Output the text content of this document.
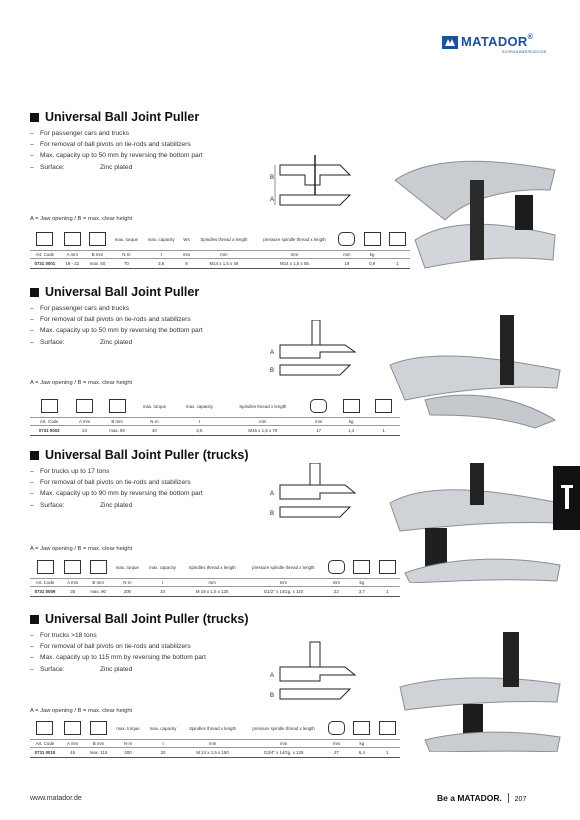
MATADOR®
SCHRAUBWERKZEUGE
Universal Ball Joint Puller
– For passenger cars and trucks
– For removal of ball pivots on tie-rods and stabilizers
– Max. capacity up to 50 mm by reversing the bottom part
– Surface:	Zinc plated
A = Jaw opening / B = max. clear height
B
A
			max. torque	max. capacity	Ws	Spindles thread x length	pressure spindle thread x length			
Art. Code	A mm	B mm	N·m	t	mm	mm	mm	mm	kg	
0731 0001	19 - 22	max. 50	70	3,5	8	M14 x 1,5 x 48	M14 x 1,5 x 55	19	0,9	1
Universal Ball Joint Puller
– For passenger cars and trucks
– For removal of ball pivots on tie-rods and stabilizers
– Max. capacity up to 50 mm by reversing the bottom part
– Surface:	Zinc plated
A = Jaw opening / B = max. clear height
A
B
			max. torque	max. capacity	Spindles thread x length			
Art. Code	A mm	B mm	N·m	t	mm	mm	kg	
0731 0002	24	max. 50	40	3,5	M16 x 1,5 x 70	17	1,4	1
Universal Ball Joint Puller (trucks)
– For trucks up to 17 tons
– For removal of ball pivots on tie-rods and stabilizers
– Max. capacity up to 90 mm by reversing the bottom part
– Surface:	Zinc plated
A = Jaw opening / B = max. clear height
A
B
			max. torque	max. capacity	Spindles thread x length	pressure spindle thread x length			
Art. Code	A mm	B mm	N·m	t	mm	mm	mm	kg	
0731 0009	35	max. 90	200	10	M 18 x 1,5 x 120	G1/2" x 14Gg. x 110	22	3,7	1
Universal Ball Joint Puller (trucks)
– For trucks >18 tons
– For removal of ball pivots on tie-rods and stabilizers
– Max. capacity up to 115 mm by reversing the bottom part
– Surface:	Zinc plated
A = Jaw opening / B = max. clear height
A
B
			max. torque	max. capacity	Spindles thread x length	pressure spindle thread x length			
Art. Code	A mm	B mm	N·m	t	mm	mm	mm	kg	
0731 0010	45	max. 115	200	20	M 24 x 1,5 x 150	G3/4" x 14Gg. x 125	27	6,4	1
www.matador.de	Be a MATADOR. 207
